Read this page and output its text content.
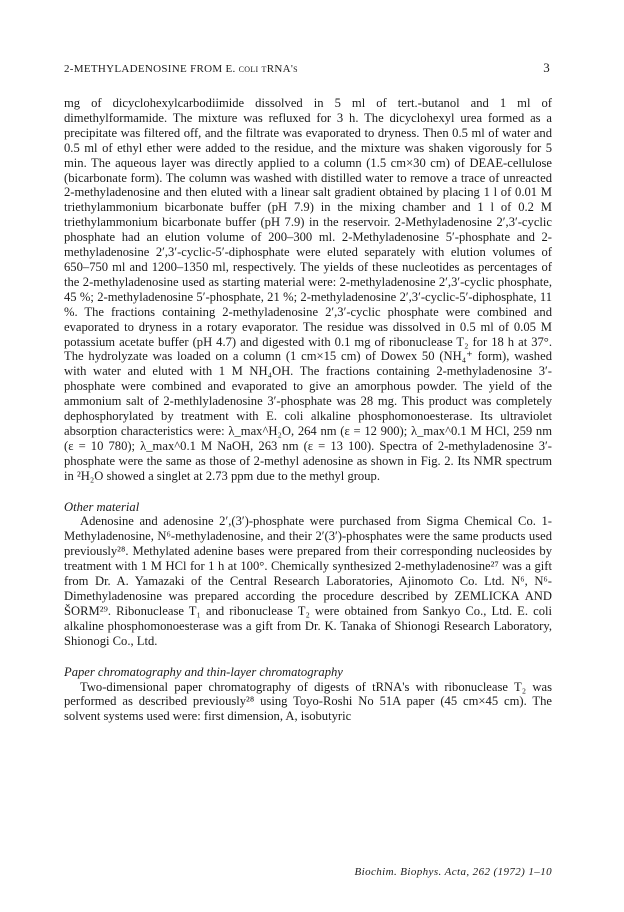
2-METHYLADENOSINE FROM E. coli tRNA's	3

mg of dicyclohexylcarbodiimide dissolved in 5 ml of tert.-butanol and 1 ml of dimethylformamide. The mixture was refluxed for 3 h. The dicyclohexyl urea formed as a precipitate was filtered off, and the filtrate was evaporated to dryness. Then 0.5 ml of water and 0.5 ml of ethyl ether were added to the residue, and the mixture was shaken vigorously for 5 min. The aqueous layer was directly applied to a column (1.5 cm×30 cm) of DEAE-cellulose (bicarbonate form). The column was washed with distilled water to remove a trace of unreacted 2-methyladenosine and then eluted with a linear salt gradient obtained by placing 1 l of 0.01 M triethylammonium bicarbonate buffer (pH 7.9) in the mixing chamber and 1 l of 0.2 M triethylammonium bicarbonate buffer (pH 7.9) in the reservoir. 2-Methyladenosine 2′,3′-cyclic phosphate had an elution volume of 200–300 ml. 2-Methyladenosine 5′-phosphate and 2-methyladenosine 2′,3′-cyclic-5′-diphosphate were eluted separately with elution volumes of 650–750 ml and 1200–1350 ml, respectively. The yields of these nucleotides as percentages of the 2-methyladenosine used as starting material were: 2-methyladenosine 2′,3′-cyclic phosphate, 45 %; 2-methyladenosine 5′-phosphate, 21 %; 2-methyladenosine 2′,3′-cyclic-5′-diphosphate, 11 %. The fractions containing 2-methyladenosine 2′,3′-cyclic phosphate were combined and evaporated to dryness in a rotary evaporator. The residue was dissolved in 0.5 ml of 0.05 M potassium acetate buffer (pH 4.7) and digested with 0.1 mg of ribonuclease T₂ for 18 h at 37°. The hydrolyzate was loaded on a column (1 cm×15 cm) of Dowex 50 (NH₄⁺ form), washed with water and eluted with 1 M NH₄OH. The fractions containing 2-methyladenosine 3′-phosphate were combined and evaporated to give an amorphous powder. The yield of the ammonium salt of 2-methlyladenosine 3′-phosphate was 28 mg. This product was completely dephosphorylated by treatment with E. coli alkaline phosphomonoesterase. Its ultraviolet absorption characteristics were: λ_max^H₂O, 264 nm (ε = 12 900); λ_max^0.1 M HCl, 259 nm (ε = 10 780); λ_max^0.1 M NaOH, 263 nm (ε = 13 100). Spectra of 2-methyladenosine 3′-phosphate were the same as those of 2-methyl adenosine as shown in Fig. 2. Its NMR spectrum in ²H₂O showed a singlet at 2.73 ppm due to the methyl group.

Other material

Adenosine and adenosine 2′,(3′)-phosphate were purchased from Sigma Chemical Co. 1-Methyladenosine, N⁶-methyladenosine, and their 2′(3′)-phosphates were the same products used previously²⁸. Methylated adenine bases were prepared from their corresponding nucleosides by treatment with 1 M HCl for 1 h at 100°. Chemically synthesized 2-methyladenosine²⁷ was a gift from Dr. A. Yamazaki of the Central Research Laboratories, Ajinomoto Co. Ltd. N⁶, N⁶-Dimethyladenosine was prepared according the procedure described by ZEMLICKA AND ŠORM²⁹. Ribonuclease T₁ and ribonuclease T₂ were obtained from Sankyo Co., Ltd. E. coli alkaline phosphomonoesterase was a gift from Dr. K. Tanaka of Shionogi Research Laboratory, Shionogi Co., Ltd.

Paper chromatography and thin-layer chromatography

Two-dimensional paper chromatography of digests of tRNA's with ribonuclease T₂ was performed as described previously²⁸ using Toyo-Roshi No 51A paper (45 cm×45 cm). The solvent systems used were: first dimension, A, isobutyric

Biochim. Biophys. Acta, 262 (1972) 1–10
